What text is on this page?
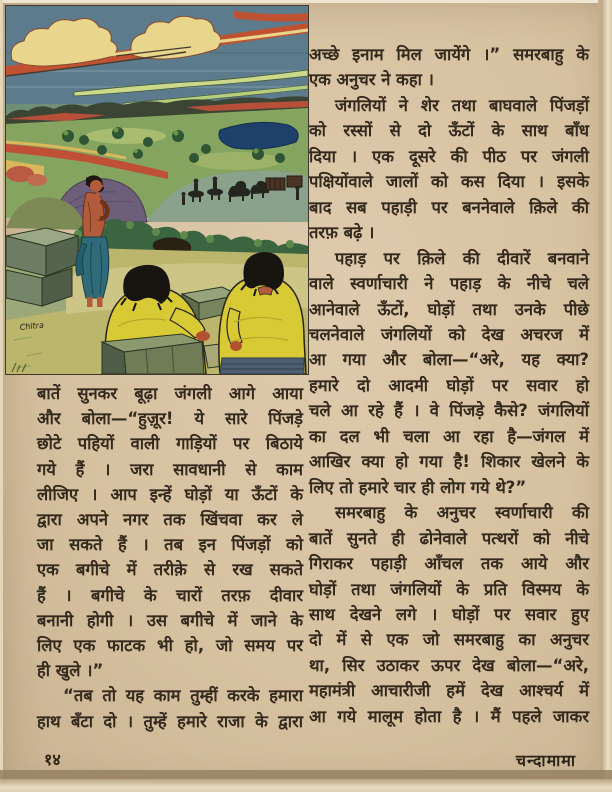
Chitra
अच्छे इनाम मिल जायेंगे ।” समरबाहु के
एक अनुचर ने कहा ।
जंगलियों ने शेर तथा बाघवाले पिंजड़ों
को रस्सों से दो ऊँटों के साथ बाँध
दिया । एक दूसरे की पीठ पर जंगली
पक्षियोंवाले जालों को कस दिया । इसके
बाद सब पहाड़ी पर बननेवाले क़िले की
तरफ़ बढ़े ।
पहाड़ पर क़िले की दीवारें बनवाने
वाले स्वर्णाचारी ने पहाड़ के नीचे चले
आनेवाले ऊँटों, घोड़ों तथा उनके पीछे
चलनेवाले जंगलियों को देख अचरज में
आ गया और बोला—“अरे, यह क्या?
हमारे दो आदमी घोड़ों पर सवार हो
चले आ रहे हैं । वे पिंजड़े कैसे? जंगलियों
का दल भी चला आ रहा है—जंगल में
आखिर क्या हो गया है! शिकार खेलने के
लिए तो हमारे चार ही लोग गये थे?”
समरबाहु के अनुचर स्वर्णाचारी की
बातें सुनते ही ढोनेवाले पत्थरों को नीचे
गिराकर पहाड़ी आँचल तक आये और
घोड़ों तथा जंगलियों के प्रति विस्मय के
साथ देखने लगे । घोड़ों पर सवार हुए
दो में से एक जो समरबाहु का अनुचर
था, सिर उठाकर ऊपर देख बोला—“अरे,
महामंत्री आचारीजी हमें देख आश्चर्य में
आ गये मालूम होता है । मैं पहले जाकर
बातें सुनकर बूढ़ा जंगली आगे आया
और बोला—“हुज़ूर! ये सारे पिंजड़े
छोटे पहियों वाली गाड़ियों पर बिठाये
गये हैं । जरा सावधानी से काम
लीजिए । आप इन्हें घोड़ों या ऊँटों के
द्वारा अपने नगर तक खिंचवा कर ले
जा सकते हैं । तब इन पिंजड़ों को
एक बगीचे में तरीक़े से रख सकते
हैं । बगीचे के चारों तरफ़ दीवार
बनानी होगी । उस बगीचे में जाने के
लिए एक फाटक भी हो, जो समय पर
ही खुले ।”
“तब तो यह काम तुम्हीं करके हमारा
हाथ बँटा दो । तुम्हें हमारे राजा के द्वारा
१४	चन्दामामा
